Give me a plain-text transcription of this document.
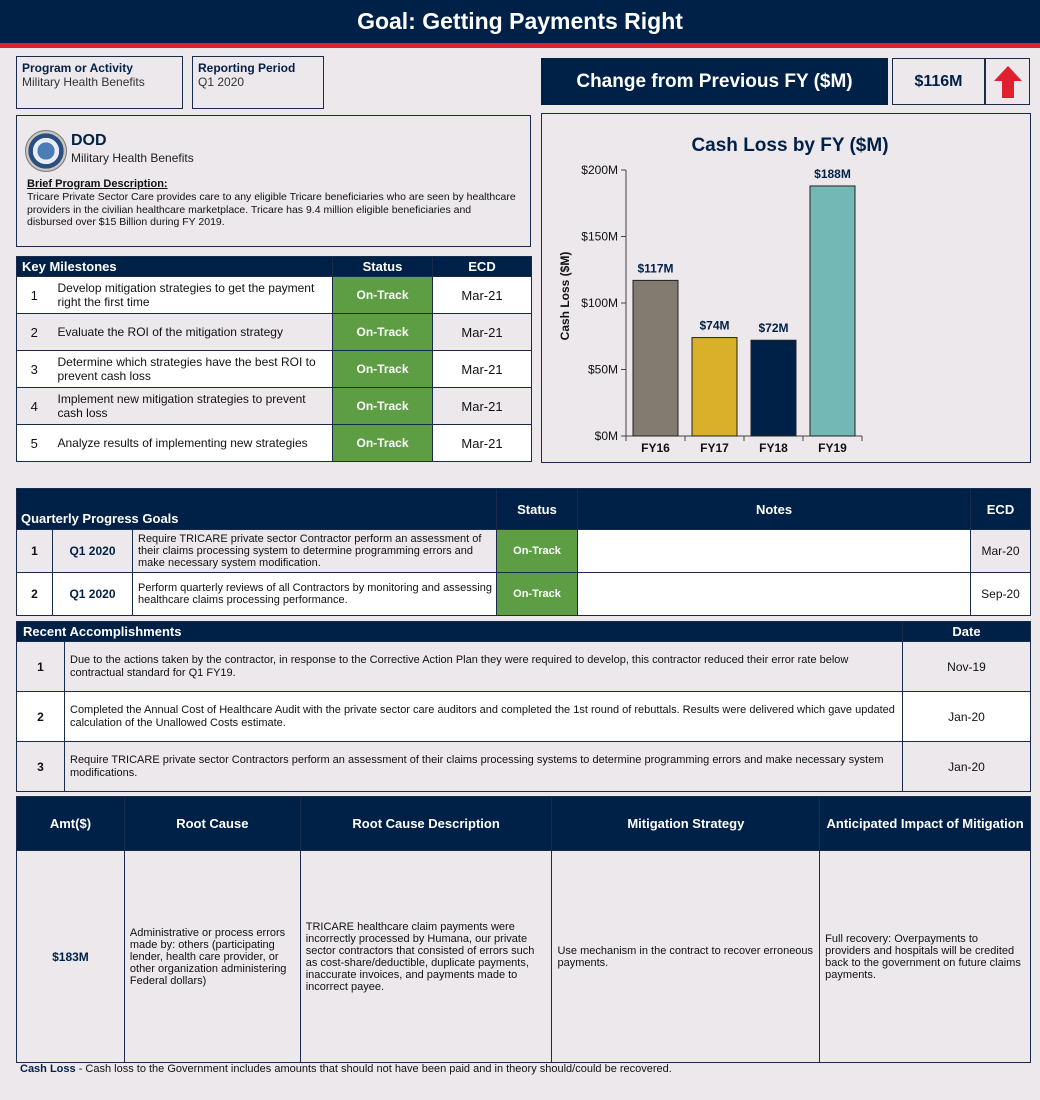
Goal: Getting Payments Right
Program or Activity
Military Health Benefits
Reporting Period
Q1 2020	Change from Previous FY ($M)	$116M
DOD
Military Health Benefits
Brief Program Description:
Tricare Private Sector Care provides care to any eligible Tricare beneficiaries who are seen by healthcare providers in the civilian healthcare marketplace. Tricare has 9.4 million eligible beneficiaries and disbursed over $15 Billion during FY 2019.
Cash Loss by FY ($M)
Cash Loss ($M)
$0M
$50M
$100M
$150M
$200M
$117M
FY16
$74M
FY17
$72M
FY18
$188M
FY19
Key Milestones		Status	ECD
1	Develop mitigation strategies to get the payment right the first time	On-Track	Mar-21
2	Evaluate the ROI of the mitigation strategy	On-Track	Mar-21
3	Determine which strategies have the best ROI to prevent cash loss	On-Track	Mar-21
4	Implement new mitigation strategies to prevent cash loss	On-Track	Mar-21
5	Analyze results of implementing new strategies	On-Track	Mar-21
Quarterly Progress Goals			Status	Notes	ECD
1	Q1 2020	Require TRICARE private sector Contractor perform an assessment of their claims processing system to determine programming errors and make necessary system modification.	On-Track		Mar-20
2	Q1 2020	Perform quarterly reviews of all Contractors by monitoring and assessing healthcare claims processing performance.	On-Track		Sep-20
Recent Accomplishments		Date
1	Due to the actions taken by the contractor, in response to the Corrective Action Plan they were required to develop, this contractor reduced their error rate below contractual standard for Q1 FY19.	Nov-19
2	Completed the Annual Cost of Healthcare Audit with the private sector care auditors and completed the 1st round of rebuttals. Results were delivered which gave updated calculation of the Unallowed Costs estimate.	Jan-20
3	Require TRICARE private sector Contractors perform an assessment of their claims processing systems to determine programming errors and make necessary system modifications.	Jan-20
Amt($)	Root Cause	Root Cause Description	Mitigation Strategy	Anticipated Impact of Mitigation
$183M	Administrative or process errors made by: others (participating lender, health care provider, or other organization administering Federal dollars)	TRICARE healthcare claim payments were incorrectly processed by Humana, our private sector contractors that consisted of errors such as cost-share/deductible, duplicate payments, inaccurate invoices, and payments made to incorrect payee.	Use mechanism in the contract to recover erroneous payments.	Full recovery: Overpayments to providers and hospitals will be credited back to the government on future claims payments.
Cash Loss - Cash loss to the Government includes amounts that should not have been paid and in theory should/could be recovered.
